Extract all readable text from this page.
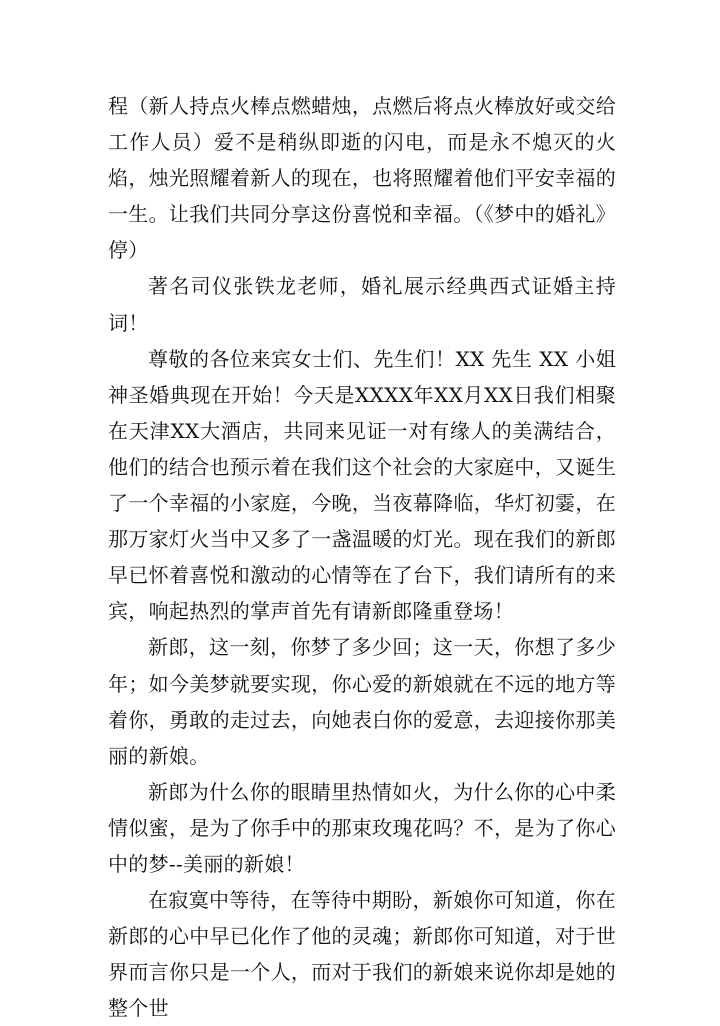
程（新人持点火棒点燃蜡烛，点燃后将点火棒放好或交给工作人员）爱不是稍纵即逝的闪电，而是永不熄灭的火焰，烛光照耀着新人的现在，也将照耀着他们平安幸福的一生。让我们共同分享这份喜悦和幸福。（《梦中的婚礼》停）

著名司仪张铁龙老师，婚礼展示经典西式证婚主持词！

尊敬的各位来宾女士们、先生们！XX 先生 XX 小姐神圣婚典现在开始！今天是XXXX年XX月XX日我们相聚在天津XX大酒店，共同来见证一对有缘人的美满结合，他们的结合也预示着在我们这个社会的大家庭中，又诞生了一个幸福的小家庭，今晚，当夜幕降临，华灯初霎，在那万家灯火当中又多了一盏温暖的灯光。现在我们的新郎早已怀着喜悦和激动的心情等在了台下，我们请所有的来宾，响起热烈的掌声首先有请新郎隆重登场！

新郎，这一刻，你梦了多少回；这一天，你想了多少年；如今美梦就要实现，你心爱的新娘就在不远的地方等着你，勇敢的走过去，向她表白你的爱意，去迎接你那美丽的新娘。

新郎为什么你的眼睛里热情如火，为什么你的心中柔情似蜜，是为了你手中的那束玫瑰花吗？不，是为了你心中的梦--美丽的新娘！

在寂寞中等待，在等待中期盼，新娘你可知道，你在新郎的心中早已化作了他的灵魂；新郎你可知道，对于世界而言你只是一个人，而对于我们的新娘来说你却是她的整个世
